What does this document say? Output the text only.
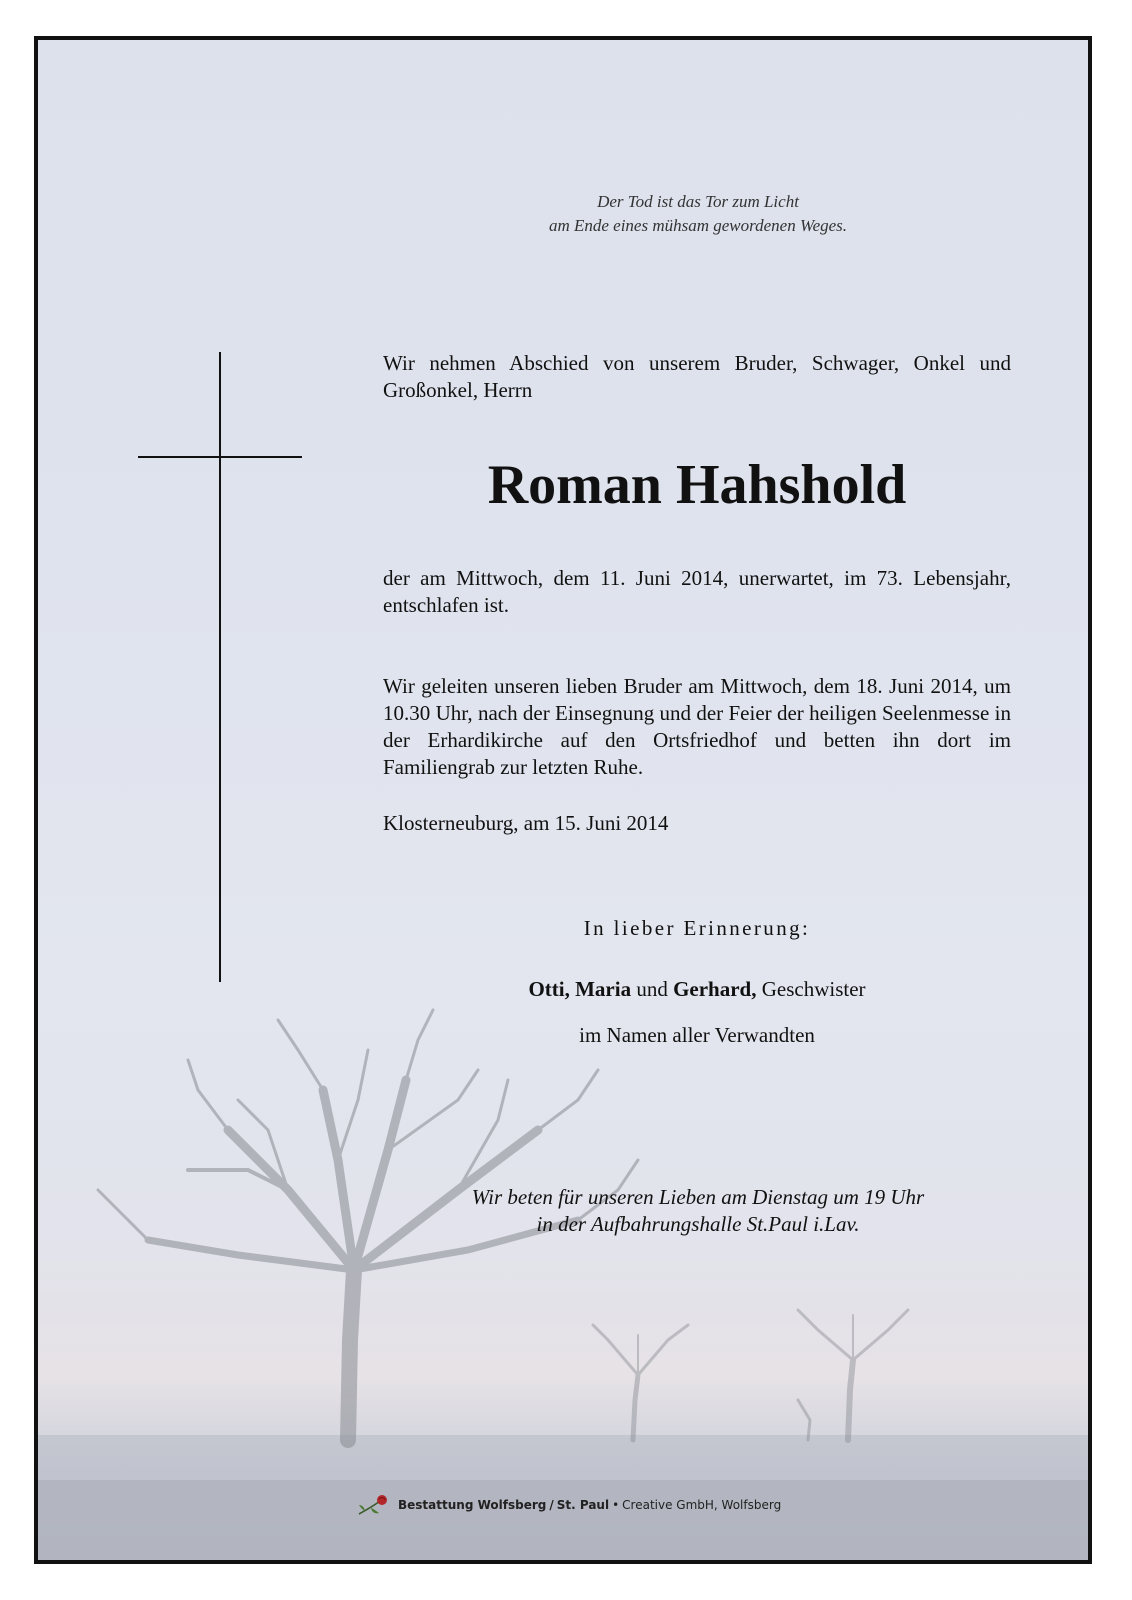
Der Tod ist das Tor zum Licht
am Ende eines mühsam gewordenen Weges.
Wir nehmen Abschied von unserem Bruder, Schwager, Onkel und Großonkel, Herrn
Roman Hahshold
der am Mittwoch, dem 11. Juni 2014, unerwartet, im 73. Lebensjahr, entschlafen ist.
Wir geleiten unseren lieben Bruder am Mittwoch, dem 18. Juni 2014, um 10.30 Uhr, nach der Einsegnung und der Feier der heiligen Seelenmesse in der Erhardikirche auf den Ortsfriedhof und betten ihn dort im Familiengrab zur letzten Ruhe.
Klosterneuburg, am 15. Juni 2014
In lieber Erinnerung:
Otti, Maria und Gerhard, Geschwister
im Namen aller Verwandten
Wir beten für unseren Lieben am Dienstag um 19 Uhr
in der Aufbahrungshalle St.Paul i.Lav.
Bestattung Wolfsberg / St. Paul • Creative GmbH, Wolfsberg
